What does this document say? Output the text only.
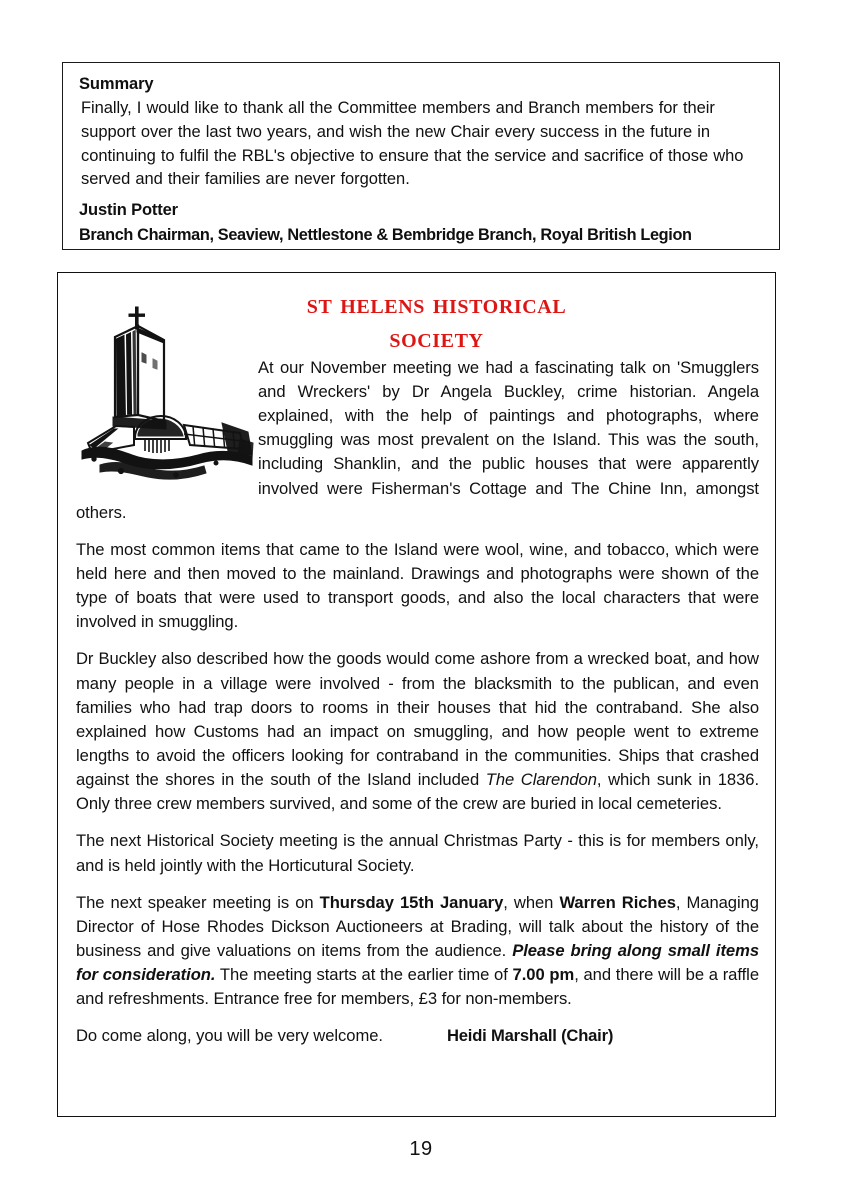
Summary
Finally, I would like to thank all the Committee members and Branch members for their support over the last two years, and wish the new Chair every success in the future in continuing to fulfil the RBL's objective to ensure that the service and sacrifice of those who served and their families are never forgotten.
Justin Potter
Branch Chairman, Seaview, Nettlestone & Bembridge Branch, Royal British Legion
st helens historical
society

At our November meeting we had a fascinating talk on 'Smugglers and Wreckers' by Dr Angela Buckley, crime historian. Angela explained, with the help of paintings and photographs, where smuggling was most prevalent on the Island. This was the south, including Shanklin, and the public houses that were apparently involved were Fisherman's Cottage and The Chine Inn, amongst others.

The most common items that came to the Island were wool, wine, and tobacco, which were held here and then moved to the mainland. Drawings and photographs were shown of the type of boats that were used to transport goods, and also the local characters that were involved in smuggling.

Dr Buckley also described how the goods would come ashore from a wrecked boat, and how many people in a village were involved - from the blacksmith to the publican, and even families who had trap doors to rooms in their houses that hid the contraband. She also explained how Customs had an impact on smuggling, and how people went to extreme lengths to avoid the officers looking for contraband in the communities. Ships that crashed against the shores in the south of the Island included The Clarendon, which sunk in 1836. Only three crew members survived, and some of the crew are buried in local cemeteries.

The next Historical Society meeting is the annual Christmas Party - this is for members only, and is held jointly with the Horticutural Society.

The next speaker meeting is on Thursday 15th January, when Warren Riches, Managing Director of Hose Rhodes Dickson Auctioneers at Brading, will talk about the history of the business and give valuations on items from the audience. Please bring along small items for consideration. The meeting starts at the earlier time of 7.00 pm, and there will be a raffle and refreshments. Entrance free for members, £3 for non-members.

Do come along, you will be very welcome.	Heidi Marshall (Chair)

19
